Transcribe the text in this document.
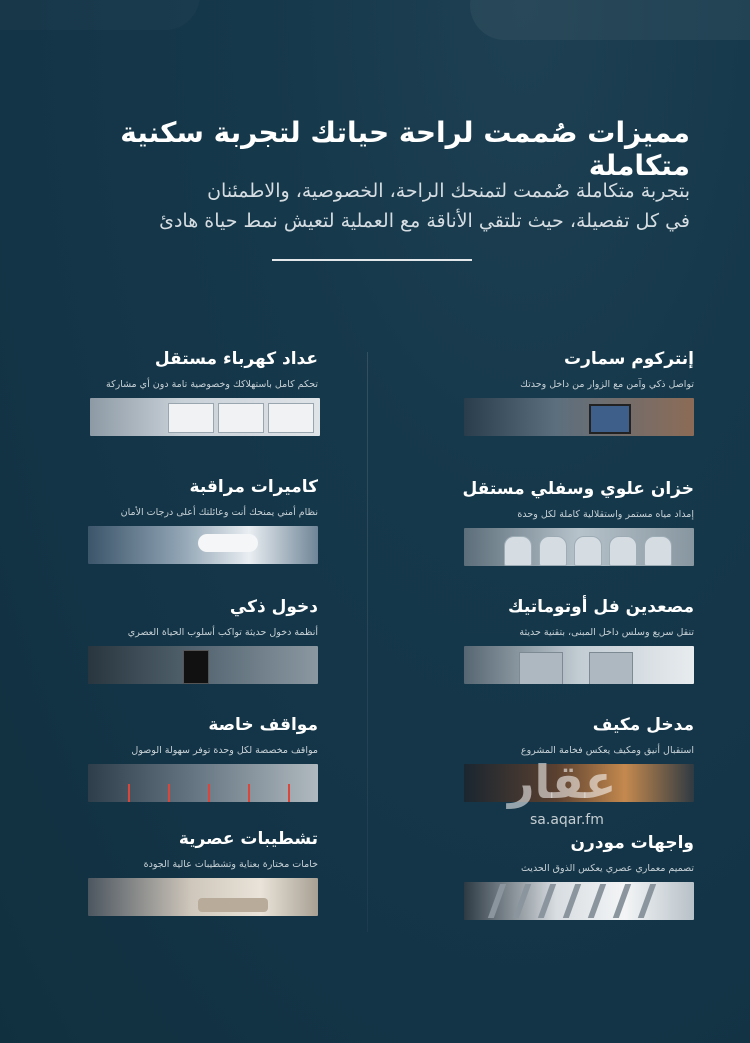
مميزات صُممت لراحة حياتك لتجربة سكنية متكاملة
بتجربة متكاملة صُممت لتمنحك الراحة، الخصوصية، والاطمئنان
في كل تفصيلة، حيث تلتقي الأناقة مع العملية لتعيش نمط حياة هادئ
إنتركوم سمارت
تواصل ذكي وآمن مع الزوار من داخل وحدتك
خزان علوي وسفلي مستقل
إمداد مياه مستمر واستقلالية كاملة لكل وحدة
مصعدين فل أوتوماتيك
تنقل سريع وسلس داخل المبنى، بتقنية حديثة
مدخل مكيف
استقبال أنيق ومكيف يعكس فخامة المشروع
واجهات مودرن
تصميم معماري عصري يعكس الذوق الحديث
عداد كهرباء مستقل
تحكم كامل باستهلاكك وخصوصية تامة دون أي مشاركة
كاميرات مراقبة
نظام أمني يمنحك أنت وعائلتك أعلى درجات الأمان
دخول ذكي
أنظمة دخول حديثة تواكب أسلوب الحياة العصري
مواقف خاصة
مواقف مخصصة لكل وحدة توفر سهولة الوصول
تشطيبات عصرية
خامات مختارة بعناية وتشطيبات عالية الجودة
عقار
sa.aqar.fm
